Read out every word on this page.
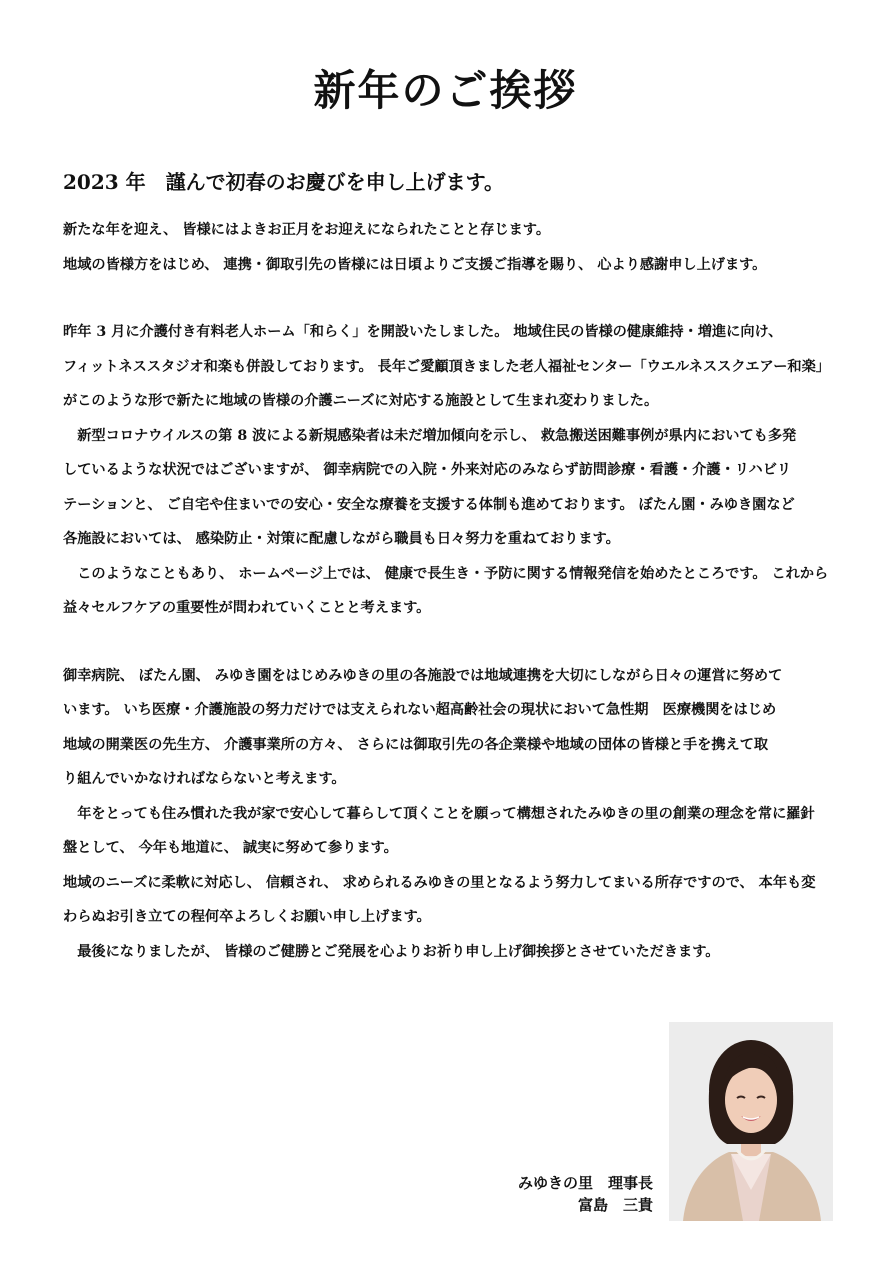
新年のご挨拶
2023 年　謹んで初春のお慶びを申し上げます。
新たな年を迎え、 皆様にはよきお正月をお迎えになられたことと存じます。
地域の皆様方をはじめ、 連携・御取引先の皆様には日頃よりご支援ご指導を賜り、 心より感謝申し上げます。
昨年 3 月に介護付き有料老人ホーム「和らく」を開設いたしました。 地域住民の皆様の健康維持・増進に向け、
フィットネススタジオ和楽も併設しております。 長年ご愛顧頂きました老人福祉センター「ウエルネススクエアー和楽」
がこのような形で新たに地域の皆様の介護ニーズに対応する施設として生まれ変わりました。
　新型コロナウイルスの第 8 波による新規感染者は未だ増加傾向を示し、 救急搬送困難事例が県内においても多発
しているような状況ではございますが、 御幸病院での入院・外来対応のみならず訪問診療・看護・介護・リハビリ
テーションと、 ご自宅や住まいでの安心・安全な療養を支援する体制も進めております。 ぼたん園・みゆき園など
各施設においては、 感染防止・対策に配慮しながら職員も日々努力を重ねております。
　このようなこともあり、 ホームページ上では、 健康で長生き・予防に関する情報発信を始めたところです。 これから
益々セルフケアの重要性が問われていくことと考えます。
御幸病院、 ぼたん園、 みゆき園をはじめみゆきの里の各施設では地域連携を大切にしながら日々の運営に努めて
います。 いち医療・介護施設の努力だけでは支えられない超高齢社会の現状において急性期　医療機関をはじめ
地域の開業医の先生方、 介護事業所の方々、 さらには御取引先の各企業様や地域の団体の皆様と手を携えて取
り組んでいかなければならないと考えます。
　年をとっても住み慣れた我が家で安心して暮らして頂くことを願って構想されたみゆきの里の創業の理念を常に羅針
盤として、 今年も地道に、 誠実に努めて参ります。
地域のニーズに柔軟に対応し、 信頼され、 求められるみゆきの里となるよう努力してまいる所存ですので、 本年も変
わらぬお引き立ての程何卒よろしくお願い申し上げます。
　最後になりましたが、 皆様のご健勝とご発展を心よりお祈り申し上げ御挨拶とさせていただきます。
みゆきの里　理事長
富島　三貴
